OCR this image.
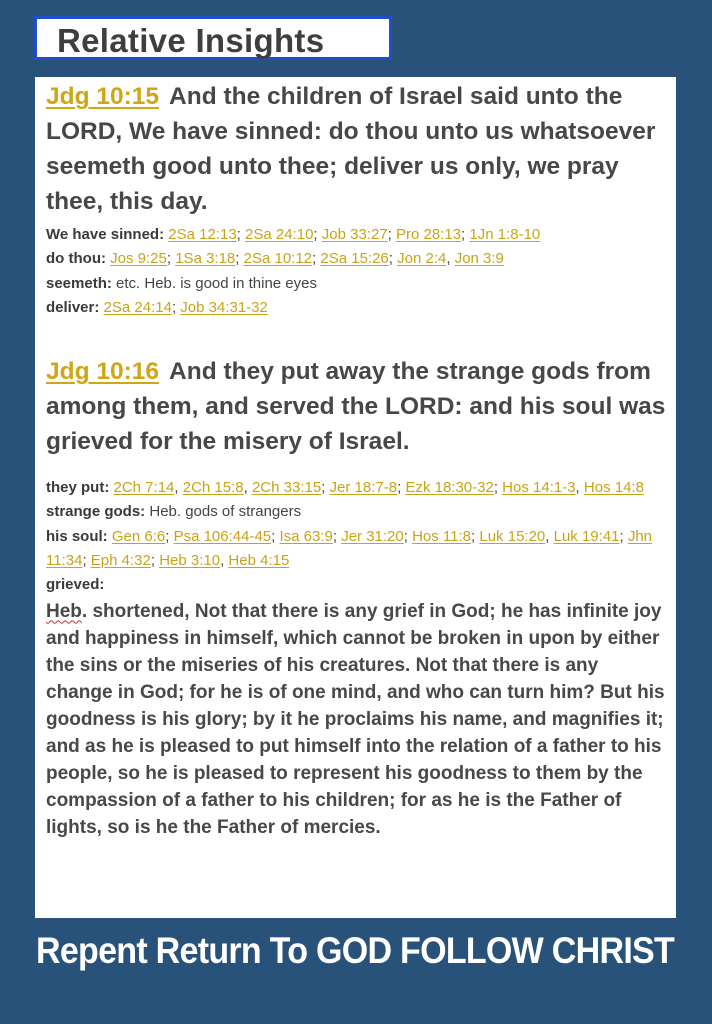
Relative Insights
Jdg 10:15 And the children of Israel said unto the LORD, We have sinned: do thou unto us whatsoever seemeth good unto thee; deliver us only, we pray thee, this day.
We have sinned: 2Sa 12:13; 2Sa 24:10; Job 33:27; Pro 28:13; 1Jn 1:8-10
do thou: Jos 9:25; 1Sa 3:18; 2Sa 10:12; 2Sa 15:26; Jon 2:4, Jon 3:9
seemeth: etc. Heb. is good in thine eyes
deliver: 2Sa 24:14; Job 34:31-32
Jdg 10:16 And they put away the strange gods from among them, and served the LORD: and his soul was grieved for the misery of Israel.
they put: 2Ch 7:14, 2Ch 15:8, 2Ch 33:15; Jer 18:7-8; Ezk 18:30-32; Hos 14:1-3, Hos 14:8
strange gods: Heb. gods of strangers
his soul: Gen 6:6; Psa 106:44-45; Isa 63:9; Jer 31:20; Hos 11:8; Luk 15:20, Luk 19:41; Jhn 11:34; Eph 4:32; Heb 3:10, Heb 4:15
grieved:
Heb. shortened, Not that there is any grief in God; he has infinite joy and happiness in himself, which cannot be broken in upon by either the sins or the miseries of his creatures. Not that there is any change in God; for he is of one mind, and who can turn him? But his goodness is his glory; by it he proclaims his name, and magnifies it; and as he is pleased to put himself into the relation of a father to his people, so he is pleased to represent his goodness to them by the compassion of a father to his children; for as he is the Father of lights, so is he the Father of mercies.
Repent Return To GOD FOLLOW CHRIST
